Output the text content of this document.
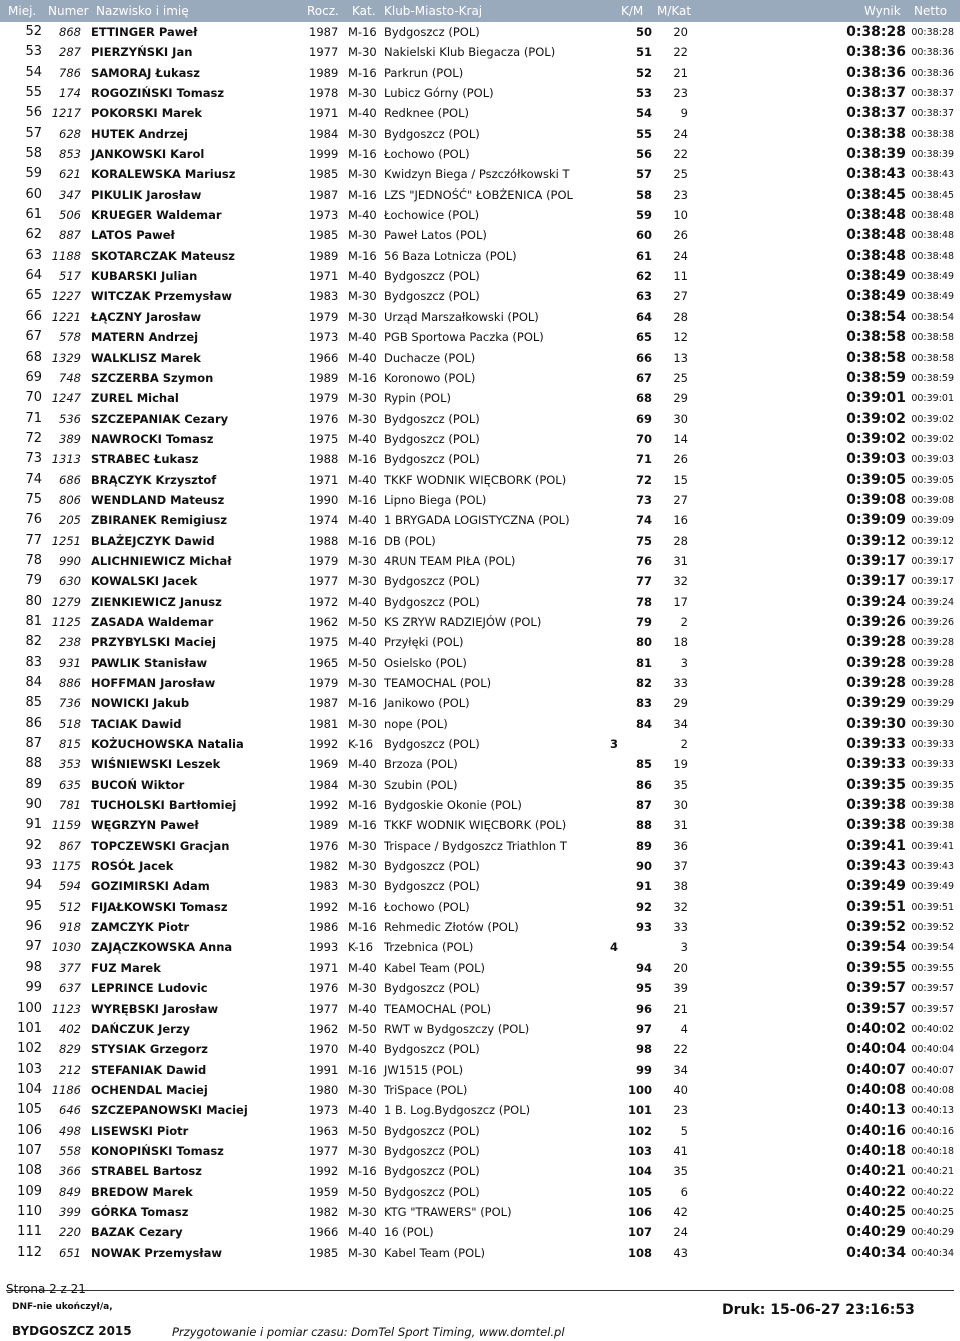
Miej. Numer Nazwisko i imię	Rocz. Kat. Klub-Miasto-Kraj	K/M M/Kat	Wynik Netto
52	868 ETTINGER Paweł	1987 M-16 Bydgoszcz (POL)	50 20	0:38:28 00:38:28
53	287 PIERZYŃSKI Jan	1977 M-30 Nakielski Klub Biegacza (POL)	51 22	0:38:36 00:38:36
54	786 SAMORAJ Łukasz	1989 M-16 Parkrun (POL)	52 21	0:38:36 00:38:36
55	174 ROGOZIŃSKI Tomasz	1978 M-30 Lubicz Górny (POL)	53 23	0:38:37 00:38:37
56 1217 POKORSKI Marek	1971 M-40 Redknee (POL)	54	9	0:38:37 00:38:37
57	628 HUTEK Andrzej	1984 M-30 Bydgoszcz (POL)	55 24	0:38:38 00:38:38
58	853 JANKOWSKI Karol	1999 M-16 Łochowo (POL)	56 22	0:38:39 00:38:39
59	621 KORALEWSKA Mariusz	1985 M-30 Kwidzyn Biega / Pszczółkowski T	57 25	0:38:43 00:38:43
60	347 PIKULIK Jarosław	1987 M-16 LZS "JEDNOŚĆ" ŁOBŻENICA (POL	58 23	0:38:45 00:38:45
61	506 KRUEGER Waldemar	1973 M-40 Łochowice (POL)	59 10	0:38:48 00:38:48
62	887 LATOS Paweł	1985 M-30 Paweł Latos (POL)	60 26	0:38:48 00:38:48
63 1188 SKOTARCZAK Mateusz	1989 M-16 56 Baza Lotnicza (POL)	61 24	0:38:48 00:38:48
64	517 KUBARSKI Julian	1971 M-40 Bydgoszcz (POL)	62 11	0:38:49 00:38:49
65 1227 WITCZAK Przemysław	1983 M-30 Bydgoszcz (POL)	63 27	0:38:49 00:38:49
66 1221 ŁĄCZNY Jarosław	1979 M-30 Urząd Marszałkowski (POL)	64 28	0:38:54 00:38:54
67	578 MATERN Andrzej	1973 M-40 PGB Sportowa Paczka (POL)	65 12	0:38:58 00:38:58
68 1329 WALKLISZ Marek	1966 M-40 Duchacze (POL)	66 13	0:38:58 00:38:58
69	748 SZCZERBA Szymon	1989 M-16 Koronowo (POL)	67 25	0:38:59 00:38:59
70 1247 ZUREL Michal	1979 M-30 Rypin (POL)	68 29	0:39:01 00:39:01
71	536 SZCZEPANIAK Cezary	1976 M-30 Bydgoszcz (POL)	69 30	0:39:02 00:39:02
72	389 NAWROCKI Tomasz	1975 M-40 Bydgoszcz (POL)	70 14	0:39:02 00:39:02
73 1313 STRABEC Łukasz	1988 M-16 Bydgoszcz (POL)	71 26	0:39:03 00:39:03
74	686 BRĄCZYK Krzysztof	1971 M-40 TKKF WODNIK WIĘCBORK (POL)	72 15	0:39:05 00:39:05
75	806 WENDLAND Mateusz	1990 M-16 Lipno Biega (POL)	73 27	0:39:08 00:39:08
76	205 ZBIRANEK Remigiusz	1974 M-40 1 BRYGADA LOGISTYCZNA (POL)	74 16	0:39:09 00:39:09
77 1251 BLAŻEJCZYK Dawid	1988 M-16 DB (POL)	75 28	0:39:12 00:39:12
78	990 ALICHNIEWICZ Michał	1979 M-30 4RUN TEAM PIŁA (POL)	76 31	0:39:17 00:39:17
79	630 KOWALSKI Jacek	1977 M-30 Bydgoszcz (POL)	77 32	0:39:17 00:39:17
80 1279 ZIENKIEWICZ Janusz	1972 M-40 Bydgoszcz (POL)	78 17	0:39:24 00:39:24
81 1125 ZASADA Waldemar	1962 M-50 KS ZRYW RADZIEJÓW (POL)	79	2	0:39:26 00:39:26
82	238 PRZYBYLSKI Maciej	1975 M-40 Przyłęki (POL)	80 18	0:39:28 00:39:28
83	931 PAWLIK Stanisław	1965 M-50 Osielsko (POL)	81	3	0:39:28 00:39:28
84	886 HOFFMAN Jarosław	1979 M-30 TEAMOCHAL (POL)	82 33	0:39:28 00:39:28
85	736 NOWICKI Jakub	1987 M-16 Janikowo (POL)	83 29	0:39:29 00:39:29
86	518 TACIAK Dawid	1981 M-30 nope (POL)	84 34	0:39:30 00:39:30
87	815 KOŻUCHOWSKA Natalia	1992 K-16 Bydgoszcz (POL)	3	2	0:39:33 00:39:33
88	353 WIŚNIEWSKI Leszek	1969 M-40 Brzoza (POL)	85 19	0:39:33 00:39:33
89	635 BUCOŃ Wiktor	1984 M-30 Szubin (POL)	86 35	0:39:35 00:39:35
90	781 TUCHOLSKI Bartłomiej	1992 M-16 Bydgoskie Okonie (POL)	87 30	0:39:38 00:39:38
91 1159 WĘGRZYN Paweł	1989 M-16 TKKF WODNIK WIĘCBORK (POL)	88 31	0:39:38 00:39:38
92	867 TOPCZEWSKI Gracjan	1976 M-30 Trispace / Bydgoszcz Triathlon T	89 36	0:39:41 00:39:41
93 1175 ROSÓŁ Jacek	1982 M-30 Bydgoszcz (POL)	90 37	0:39:43 00:39:43
94	594 GOZIMIRSKI Adam	1983 M-30 Bydgoszcz (POL)	91 38	0:39:49 00:39:49
95	512 FIJAŁKOWSKI Tomasz	1992 M-16 Łochowo (POL)	92 32	0:39:51 00:39:51
96	918 ZAMCZYK Piotr	1986 M-16 Rehmedic Złotów (POL)	93 33	0:39:52 00:39:52
97 1030 ZAJĄCZKOWSKA Anna	1993 K-16 Trzebnica (POL)	4	3	0:39:54 00:39:54
98	377 FUZ Marek	1971 M-40 Kabel Team (POL)	94 20	0:39:55 00:39:55
99	637 LEPRINCE Ludovic	1976 M-30 Bydgoszcz (POL)	95 39	0:39:57 00:39:57
100 1123 WYRĘBSKI Jarosław	1977 M-40 TEAMOCHAL (POL)	96 21	0:39:57 00:39:57
101	402 DAŃCZUK Jerzy	1962 M-50 RWT w Bydgoszczy (POL)	97	4	0:40:02 00:40:02
102	829 STYSIAK Grzegorz	1970 M-40 Bydgoszcz (POL)	98 22	0:40:04 00:40:04
103	212 STEFANIAK Dawid	1991 M-16 JW1515 (POL)	99 34	0:40:07 00:40:07
104 1186 OCHENDAL Maciej	1980 M-30 TriSpace (POL)	100 40	0:40:08 00:40:08
105	646 SZCZEPANOWSKI Maciej	1973 M-40 1 B. Log.Bydgoszcz (POL)	101 23	0:40:13 00:40:13
106	498 LISEWSKI Piotr	1963 M-50 Bydgoszcz (POL)	102	5	0:40:16 00:40:16
107	558 KONOPIŃSKI Tomasz	1977 M-30 Bydgoszcz (POL)	103 41	0:40:18 00:40:18
108	366 STRABEL Bartosz	1992 M-16 Bydgoszcz (POL)	104 35	0:40:21 00:40:21
109	849 BREDOW Marek	1959 M-50 Bydgoszcz (POL)	105	6	0:40:22 00:40:22
110	399 GÓRKA Tomasz	1982 M-30 KTG "TRAWERS" (POL)	106 42	0:40:25 00:40:25
111	220 BAZAK Cezary	1966 M-40 16 (POL)	107 24	0:40:29 00:40:29
112	651 NOWAK Przemysław	1985 M-30 Kabel Team (POL)	108 43	0:40:34 00:40:34
Strona 2 z 21
DNF-nie ukończył/a,
BYDGOSZCZ 2015
Druk: 15-06-27 23:16:53
Przygotowanie i pomiar czasu: DomTel Sport Timing, www.domtel.pl
